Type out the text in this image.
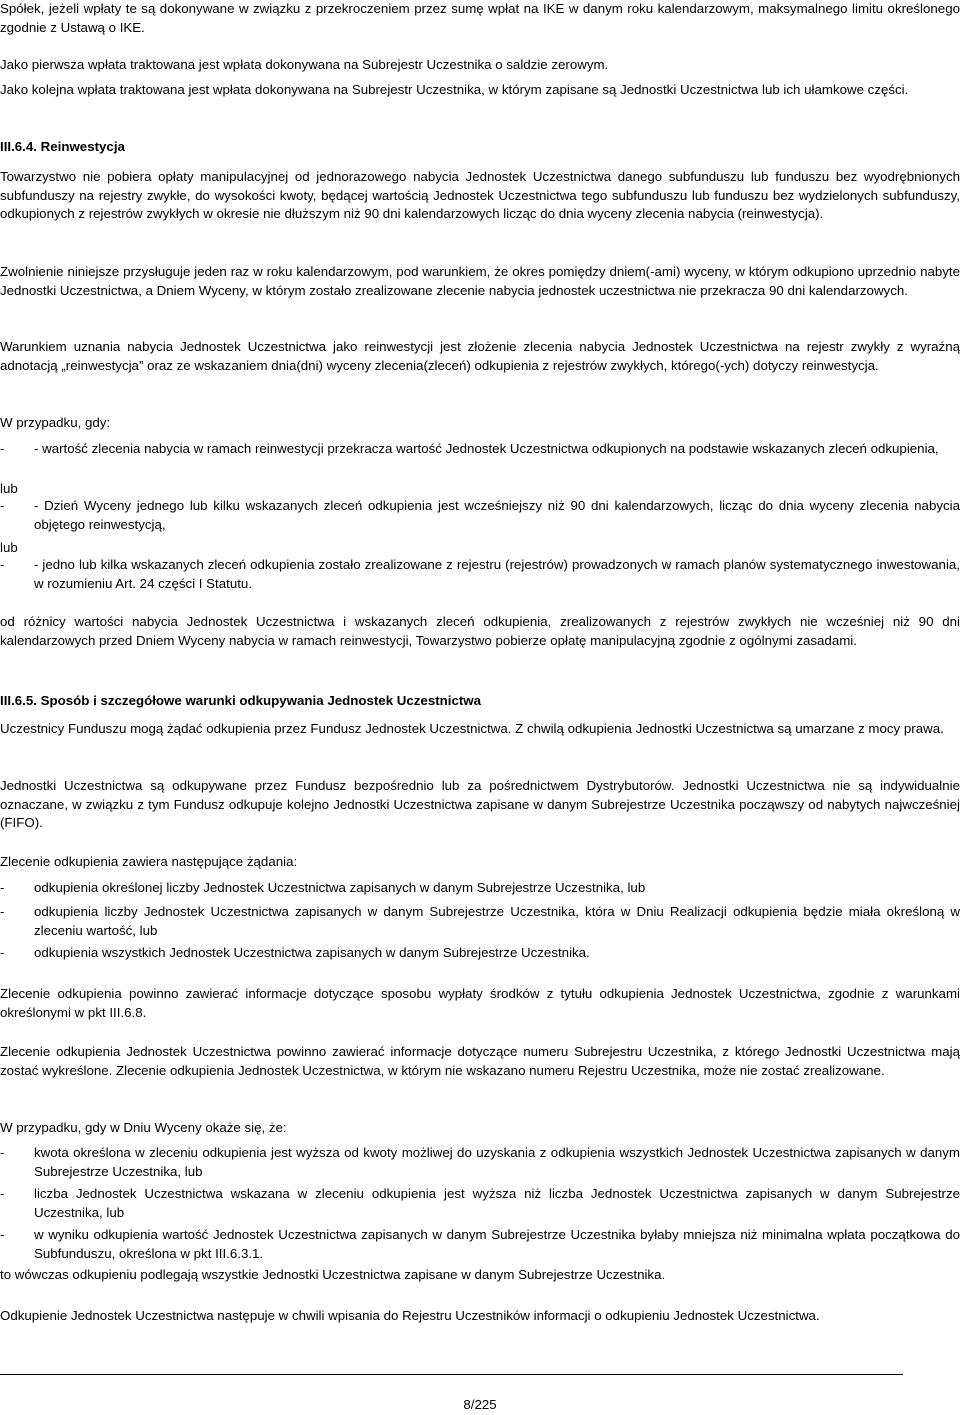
Spółek, jeżeli wpłaty te są dokonywane w związku z przekroczeniem przez sumę wpłat na IKE w danym roku kalendarzowym, maksymalnego limitu określonego zgodnie z Ustawą o IKE.

Jako pierwsza wpłata traktowana jest wpłata dokonywana na Subrejestr Uczestnika o saldzie zerowym.

Jako kolejna wpłata traktowana jest wpłata dokonywana na Subrejestr Uczestnika, w którym zapisane są Jednostki Uczestnictwa lub ich ułamkowe części.

III.6.4. Reinwestycja

Towarzystwo nie pobiera opłaty manipulacyjnej od jednorazowego nabycia Jednostek Uczestnictwa danego subfunduszu lub funduszu bez wyodrębnionych subfunduszy na rejestry zwykłe, do wysokości kwoty, będącej wartością Jednostek Uczestnictwa tego subfunduszu lub funduszu bez wydzielonych subfunduszy, odkupionych z rejestrów zwykłych w okresie nie dłuższym niż 90 dni kalendarzowych licząc do dnia wyceny zlecenia nabycia (reinwestycja).

Zwolnienie niniejsze przysługuje jeden raz w roku kalendarzowym, pod warunkiem, że okres pomiędzy dniem(-ami) wyceny, w którym odkupiono uprzednio nabyte Jednostki Uczestnictwa, a Dniem Wyceny, w którym zostało zrealizowane zlecenie nabycia jednostek uczestnictwa nie przekracza 90 dni kalendarzowych.

Warunkiem uznania nabycia Jednostek Uczestnictwa jako reinwestycji jest złożenie zlecenia nabycia Jednostek Uczestnictwa na rejestr zwykły z wyraźną adnotacją „reinwestycja” oraz ze wskazaniem dnia(dni) wyceny zlecenia(zleceń) odkupienia z rejestrów zwykłych, którego(-ych) dotyczy reinwestycja.

W przypadku, gdy:

- - wartość zlecenia nabycia w ramach reinwestycji przekracza wartość Jednostek Uczestnictwa odkupionych na podstawie wskazanych zleceń odkupienia,

lub

- - Dzień Wyceny jednego lub kilku wskazanych zleceń odkupienia jest wcześniejszy niż 90 dni kalendarzowych, licząc do dnia wyceny zlecenia nabycia objętego reinwestycją,

lub

- - jedno lub kilka wskazanych zleceń odkupienia zostało zrealizowane z rejestru (rejestrów) prowadzonych w ramach planów systematycznego inwestowania, w rozumieniu Art. 24 części I Statutu.

od różnicy wartości nabycia Jednostek Uczestnictwa i wskazanych zleceń odkupienia, zrealizowanych z rejestrów zwykłych nie wcześniej niż 90 dni kalendarzowych przed Dniem Wyceny nabycia w ramach reinwestycji, Towarzystwo pobierze opłatę manipulacyjną zgodnie z ogólnymi zasadami.

III.6.5. Sposób i szczegółowe warunki odkupywania Jednostek Uczestnictwa

Uczestnicy Funduszu mogą żądać odkupienia przez Fundusz Jednostek Uczestnictwa. Z chwilą odkupienia Jednostki Uczestnictwa są umarzane z mocy prawa.

Jednostki Uczestnictwa są odkupywane przez Fundusz bezpośrednio lub za pośrednictwem Dystrybutorów. Jednostki Uczestnictwa nie są indywidualnie oznaczane, w związku z tym Fundusz odkupuje kolejno Jednostki Uczestnictwa zapisane w danym Subrejestrze Uczestnika począwszy od nabytych najwcześniej (FIFO).

Zlecenie odkupienia zawiera następujące żądania:

- odkupienia określonej liczby Jednostek Uczestnictwa zapisanych w danym Subrejestrze Uczestnika, lub
- odkupienia liczby Jednostek Uczestnictwa zapisanych w danym Subrejestrze Uczestnika, która w Dniu Realizacji odkupienia będzie miała określoną w zleceniu wartość, lub
- odkupienia wszystkich Jednostek Uczestnictwa zapisanych w danym Subrejestrze Uczestnika.

Zlecenie odkupienia powinno zawierać informacje dotyczące sposobu wypłaty środków z tytułu odkupienia Jednostek Uczestnictwa, zgodnie z warunkami określonymi w pkt III.6.8.

Zlecenie odkupienia Jednostek Uczestnictwa powinno zawierać informacje dotyczące numeru Subrejestru Uczestnika, z którego Jednostki Uczestnictwa mają zostać wykreślone. Zlecenie odkupienia Jednostek Uczestnictwa, w którym nie wskazano numeru Rejestru Uczestnika, może nie zostać zrealizowane.

W przypadku, gdy w Dniu Wyceny okaże się, że:

- kwota określona w zleceniu odkupienia jest wyższa od kwoty możliwej do uzyskania z odkupienia wszystkich Jednostek Uczestnictwa zapisanych w danym Subrejestrze Uczestnika, lub
- liczba Jednostek Uczestnictwa wskazana w zleceniu odkupienia jest wyższa niż liczba Jednostek Uczestnictwa zapisanych w danym Subrejestrze Uczestnika, lub
- w wyniku odkupienia wartość Jednostek Uczestnictwa zapisanych w danym Subrejestrze Uczestnika byłaby mniejsza niż minimalna wpłata początkowa do Subfunduszu, określona w pkt III.6.3.1.

to wówczas odkupieniu podlegają wszystkie Jednostki Uczestnictwa zapisane w danym Subrejestrze Uczestnika.

Odkupienie Jednostek Uczestnictwa następuje w chwili wpisania do Rejestru Uczestników informacji o odkupieniu Jednostek Uczestnictwa.

8/225
